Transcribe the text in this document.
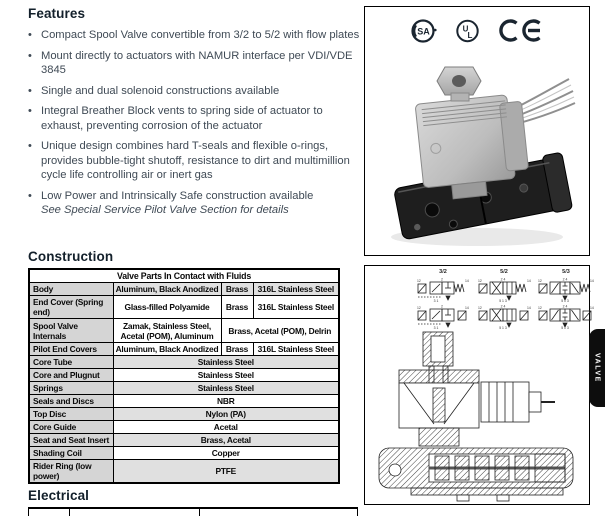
Features
• Compact Spool Valve convertible from 3/2 to 5/2 with flow plates
• Mount directly to actuators with NAMUR interface per VDI/VDE 3845
• Single and dual solenoid constructions available
• Integral Breather Block vents to spring side of actuator to exhaust, preventing corrosion of the actuator
• Unique design combines hard T-seals and flexible o-rings, provides bubble-tight shutoff, resistance to dirt and multimillion cycle life controlling air or inert gas
• Low Power and Intrinsically Safe construction available
See Special Service Pilot Valve Section for details
Construction
Valve Parts In Contact with Fluids			
Body	Aluminum, Black Anodized	Brass	316L Stainless Steel
End Cover (Spring end)	Glass-filled Polyamide	Brass	316L Stainless Steel
Spool Valve Internals	Zamak, Stainless Steel, Acetal (POM), Aluminum	Brass, Acetal (POM), Delrin	
Pilot End Covers	Aluminum, Black Anodized	Brass	316L Stainless Steel
Core Tube	Stainless Steel		
Core and Plugnut	Stainless Steel		
Springs	Stainless Steel		
Seals and Discs	NBR		
Top Disc	Nylon (PA)		
Core Guide	Acetal		
Seat and Seat Insert	Brass, Acetal		
Shading Coil	Copper		
Rider Ring (low power)	PTFE		
Electrical
SA	U
L
3/2
12	2	14
3 1
12	2	14
3 1
5/2
12	2 4	14
5 1 3
12	2 4	14
5 1 3
5/3
12	2 4	14
5 1 3
12	2 4	14
5 1 3
VALVE
